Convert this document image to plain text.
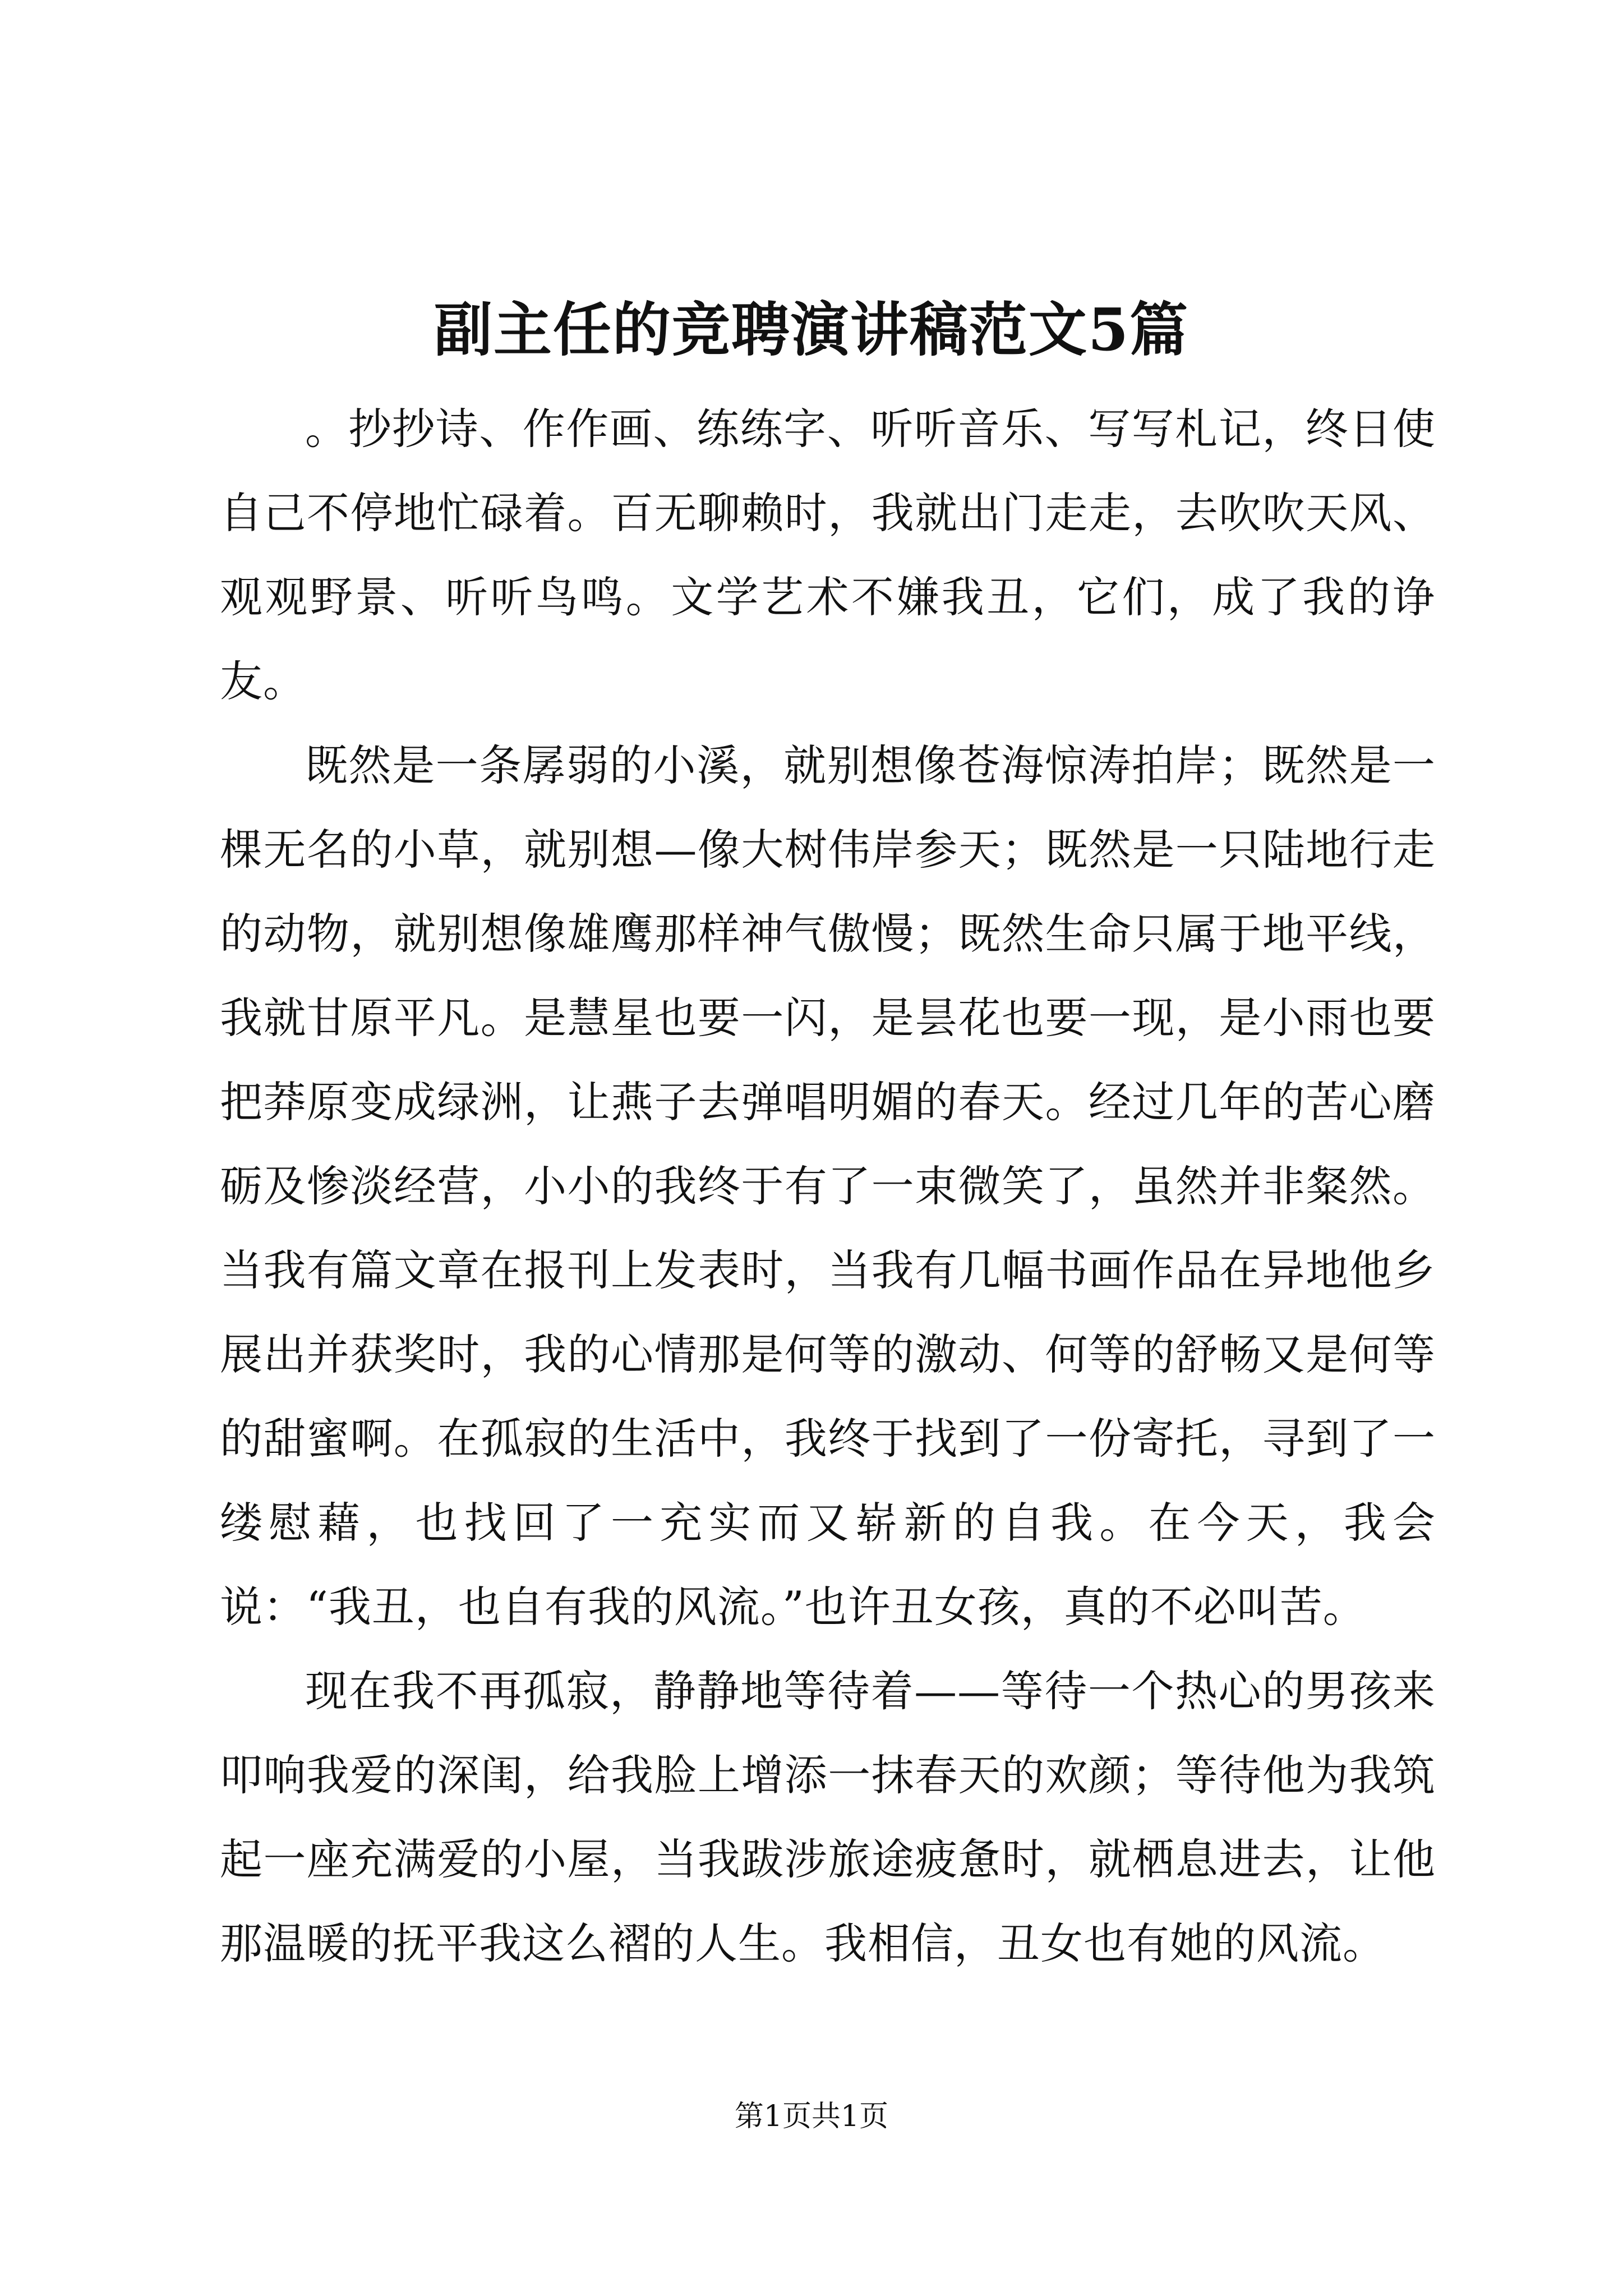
副主任的竞聘演讲稿范文5篇

。抄抄诗、作作画、练练字、听听音乐、写写札记，终日使自己不停地忙碌着。百无聊赖时，我就出门走走，去吹吹天风、观观野景、听听鸟鸣。文学艺术不嫌我丑，它们，成了我的诤友。

既然是一条孱弱的小溪，就别想像苍海惊涛拍岸；既然是一棵无名的小草，就别想—像大树伟岸参天；既然是一只陆地行走的动物，就别想像雄鹰那样神气傲慢；既然生命只属于地平线，我就甘原平凡。是慧星也要一闪，是昙花也要一现，是小雨也要把莽原变成绿洲，让燕子去弹唱明媚的春天。经过几年的苦心磨砺及惨淡经营，小小的我终于有了一束微笑了，虽然并非粲然。当我有篇文章在报刊上发表时，当我有几幅书画作品在异地他乡展出并获奖时，我的心情那是何等的激动、何等的舒畅又是何等的甜蜜啊。在孤寂的生活中，我终于找到了一份寄托，寻到了一缕慰藉，也找回了一充实而又崭新的自我。在今天，我会说：“我丑，也自有我的风流。”也许丑女孩，真的不必叫苦。

现在我不再孤寂，静静地等待着——等待一个热心的男孩来叩响我爱的深闺，给我脸上增添一抹春天的欢颜；等待他为我筑起一座充满爱的小屋，当我跋涉旅途疲惫时，就栖息进去，让他那温暖的抚平我这么褶的人生。我相信，丑女也有她的风流。

第1页共1页
